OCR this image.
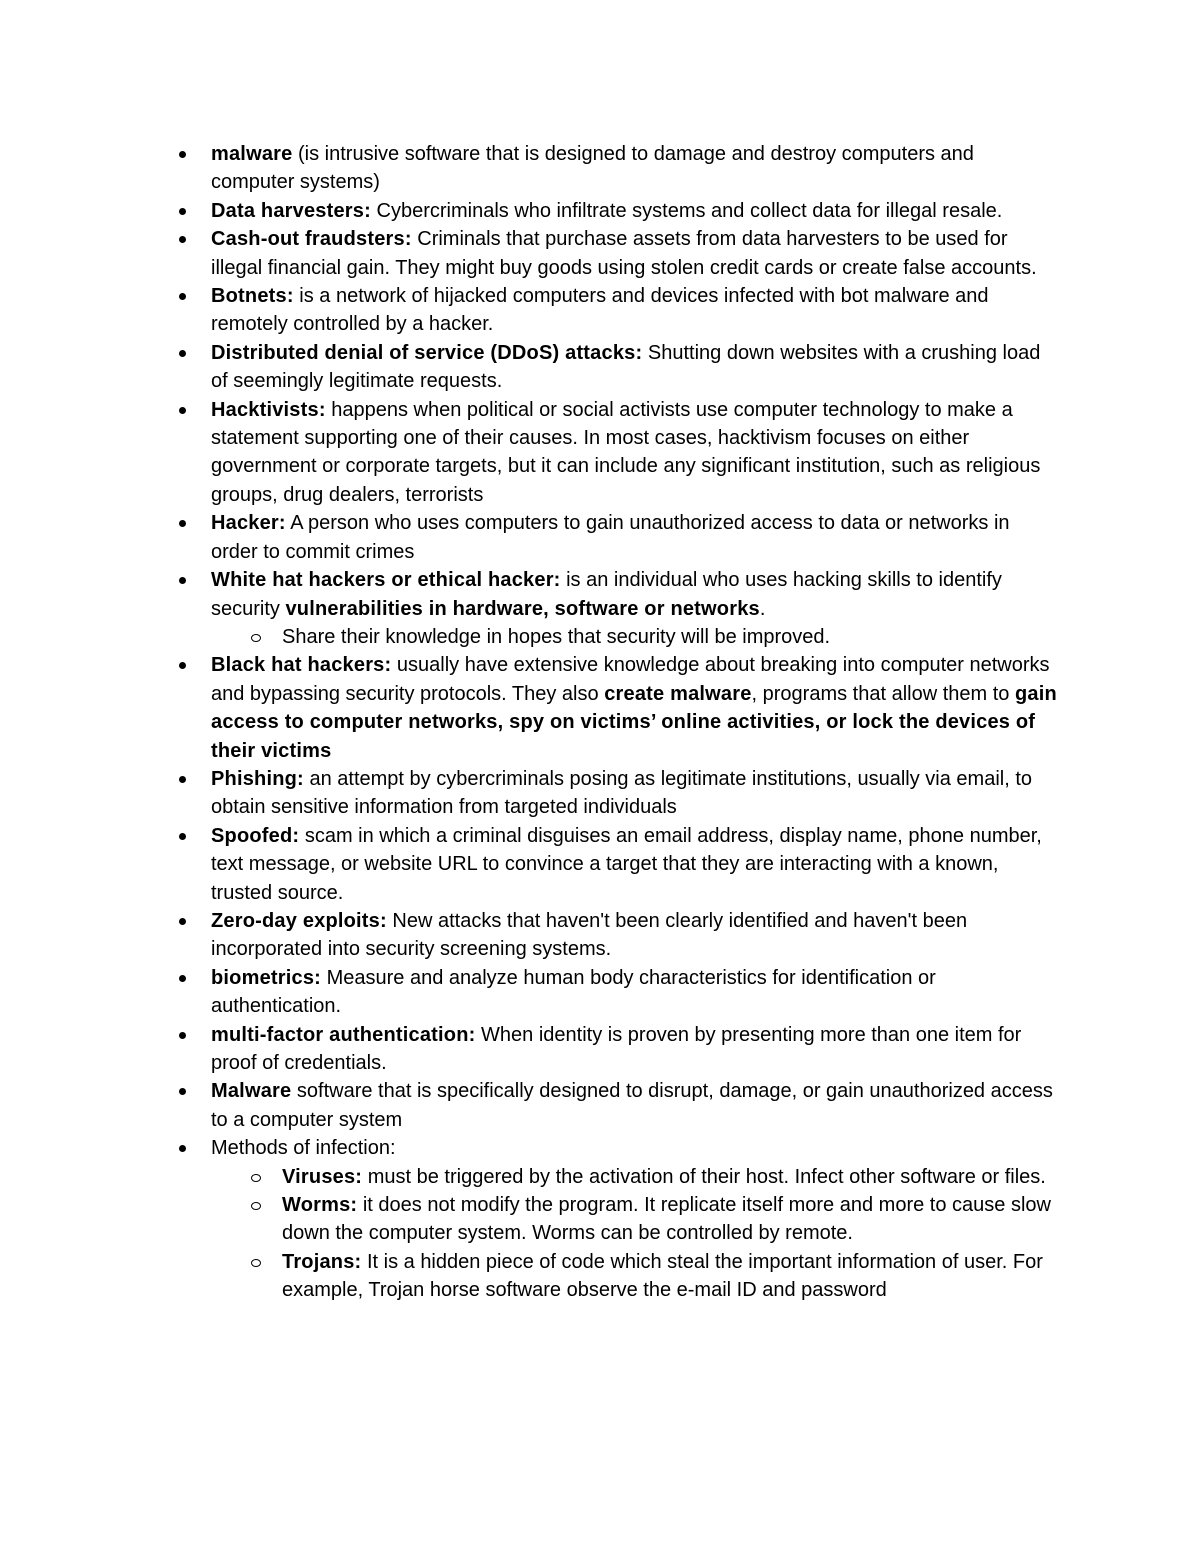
malware (is intrusive software that is designed to damage and destroy computers and computer systems)
Data harvesters: Cybercriminals who infiltrate systems and collect data for illegal resale.
Cash-out fraudsters: Criminals that purchase assets from data harvesters to be used for illegal financial gain. They might buy goods using stolen credit cards or create false accounts.
Botnets: is a network of hijacked computers and devices infected with bot malware and remotely controlled by a hacker.
Distributed denial of service (DDoS) attacks: Shutting down websites with a crushing load of seemingly legitimate requests.
Hacktivists: happens when political or social activists use computer technology to make a statement supporting one of their causes. In most cases, hacktivism focuses on either government or corporate targets, but it can include any significant institution, such as religious groups, drug dealers, terrorists
Hacker: A person who uses computers to gain unauthorized access to data or networks in order to commit crimes
White hat hackers or ethical hacker: is an individual who uses hacking skills to identify security vulnerabilities in hardware, software or networks.
Share their knowledge in hopes that security will be improved.
Black hat hackers: usually have extensive knowledge about breaking into computer networks and bypassing security protocols. They also create malware, programs that allow them to gain access to computer networks, spy on victims’ online activities, or lock the devices of their victims
Phishing: an attempt by cybercriminals posing as legitimate institutions, usually via email, to obtain sensitive information from targeted individuals
Spoofed: scam in which a criminal disguises an email address, display name, phone number, text message, or website URL to convince a target that they are interacting with a known, trusted source.
Zero-day exploits: New attacks that haven't been clearly identified and haven't been incorporated into security screening systems.
biometrics: Measure and analyze human body characteristics for identification or authentication.
multi-factor authentication: When identity is proven by presenting more than one item for proof of credentials.
Malware software that is specifically designed to disrupt, damage, or gain unauthorized access to a computer system
Methods of infection:
Viruses: must be triggered by the activation of their host. Infect other software or files.
Worms: it does not modify the program. It replicate itself more and more to cause slow down the computer system. Worms can be controlled by remote.
Trojans: It is a hidden piece of code which steal the important information of user. For example, Trojan horse software observe the e-mail ID and password
